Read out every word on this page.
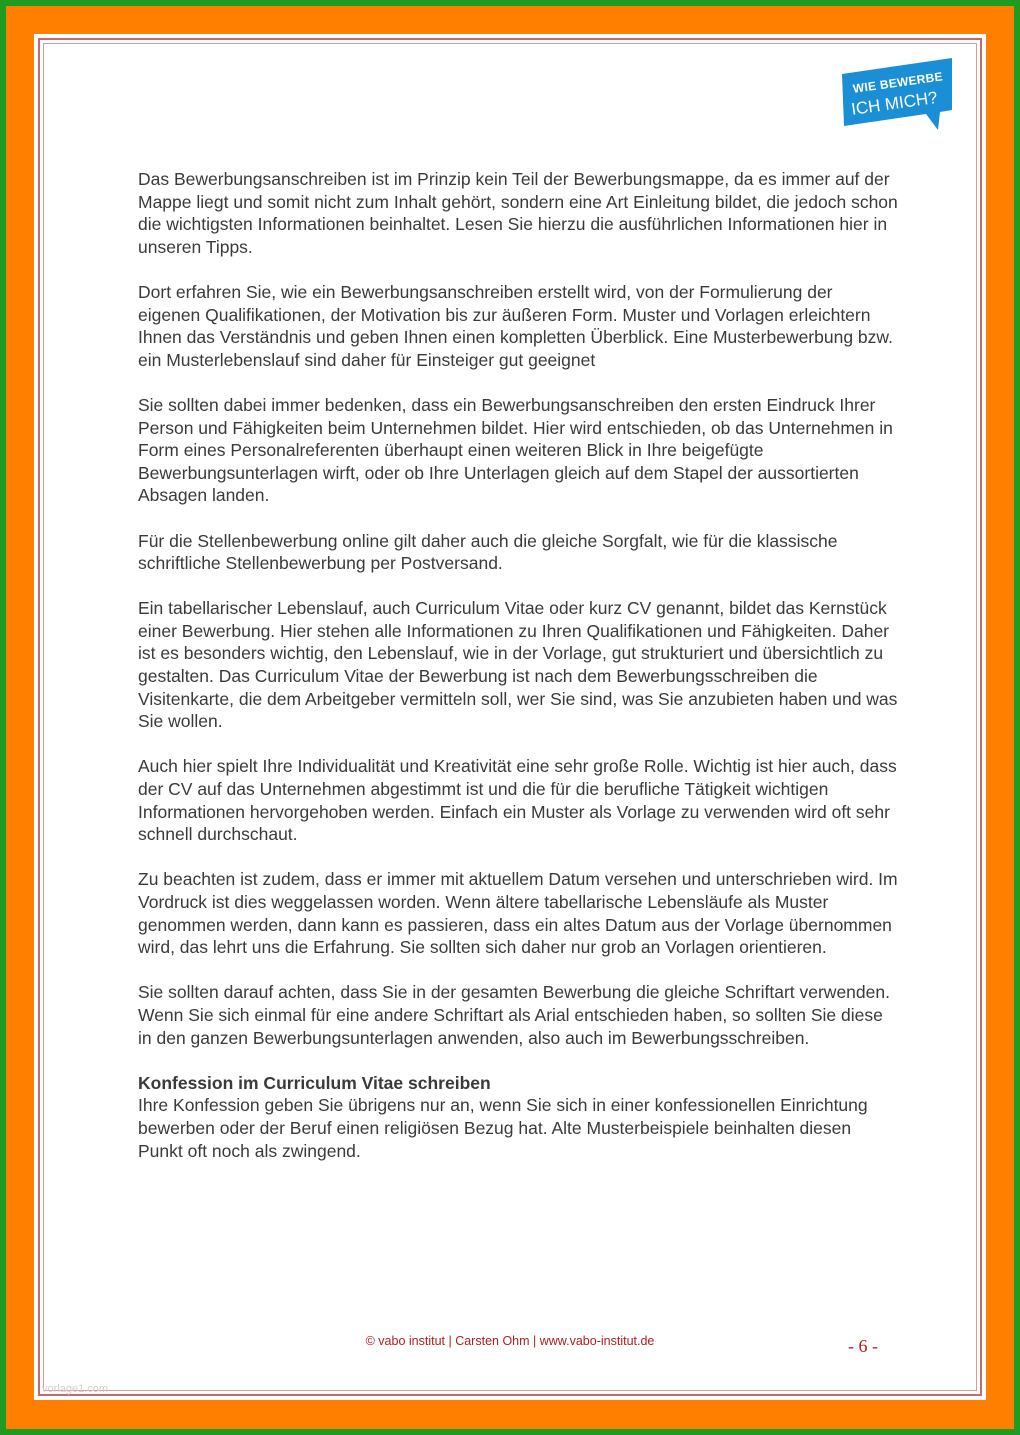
WIE BEWERBE
ICH MICH?

Das Bewerbungsanschreiben ist im Prinzip kein Teil der Bewerbungsmappe, da es immer auf der Mappe liegt und somit nicht zum Inhalt gehört, sondern eine Art Einleitung bildet, die jedoch schon die wichtigsten Informationen beinhaltet. Lesen Sie hierzu die ausführlichen Informationen hier in unseren Tipps.

Dort erfahren Sie, wie ein Bewerbungsanschreiben erstellt wird, von der Formulierung der eigenen Qualifikationen, der Motivation bis zur äußeren Form. Muster und Vorlagen erleichtern Ihnen das Verständnis und geben Ihnen einen kompletten Überblick. Eine Musterbewerbung bzw. ein Musterlebenslauf sind daher für Einsteiger gut geeignet

Sie sollten dabei immer bedenken, dass ein Bewerbungsanschreiben den ersten Eindruck Ihrer Person und Fähigkeiten beim Unternehmen bildet. Hier wird entschieden, ob das Unternehmen in Form eines Personalreferenten überhaupt einen weiteren Blick in Ihre beigefügte Bewerbungsunterlagen wirft, oder ob Ihre Unterlagen gleich auf dem Stapel der aussortierten Absagen landen.

Für die Stellenbewerbung online gilt daher auch die gleiche Sorgfalt, wie für die klassische schriftliche Stellenbewerbung per Postversand.

Ein tabellarischer Lebenslauf, auch Curriculum Vitae oder kurz CV genannt, bildet das Kernstück einer Bewerbung. Hier stehen alle Informationen zu Ihren Qualifikationen und Fähigkeiten. Daher ist es besonders wichtig, den Lebenslauf, wie in der Vorlage, gut strukturiert und übersichtlich zu gestalten. Das Curriculum Vitae der Bewerbung ist nach dem Bewerbungsschreiben die Visitenkarte, die dem Arbeitgeber vermitteln soll, wer Sie sind, was Sie anzubieten haben und was Sie wollen.

Auch hier spielt Ihre Individualität und Kreativität eine sehr große Rolle. Wichtig ist hier auch, dass der CV auf das Unternehmen abgestimmt ist und die für die berufliche Tätigkeit wichtigen Informationen hervorgehoben werden. Einfach ein Muster als Vorlage zu verwenden wird oft sehr schnell durchschaut.

Zu beachten ist zudem, dass er immer mit aktuellem Datum versehen und unterschrieben wird. Im Vordruck ist dies weggelassen worden. Wenn ältere tabellarische Lebensläufe als Muster genommen werden, dann kann es passieren, dass ein altes Datum aus der Vorlage übernommen wird, das lehrt uns die Erfahrung. Sie sollten sich daher nur grob an Vorlagen orientieren.

Sie sollten darauf achten, dass Sie in der gesamten Bewerbung die gleiche Schriftart verwenden. Wenn Sie sich einmal für eine andere Schriftart als Arial entschieden haben, so sollten Sie diese in den ganzen Bewerbungsunterlagen anwenden, also auch im Bewerbungsschreiben.

Konfession im Curriculum Vitae schreiben
Ihre Konfession geben Sie übrigens nur an, wenn Sie sich in einer konfessionellen Einrichtung bewerben oder der Beruf einen religiösen Bezug hat. Alte Musterbeispiele beinhalten diesen Punkt oft noch als zwingend.

© vabo institut | Carsten Ohm | www.vabo-institut.de	- 6 -
vorlage1.com
